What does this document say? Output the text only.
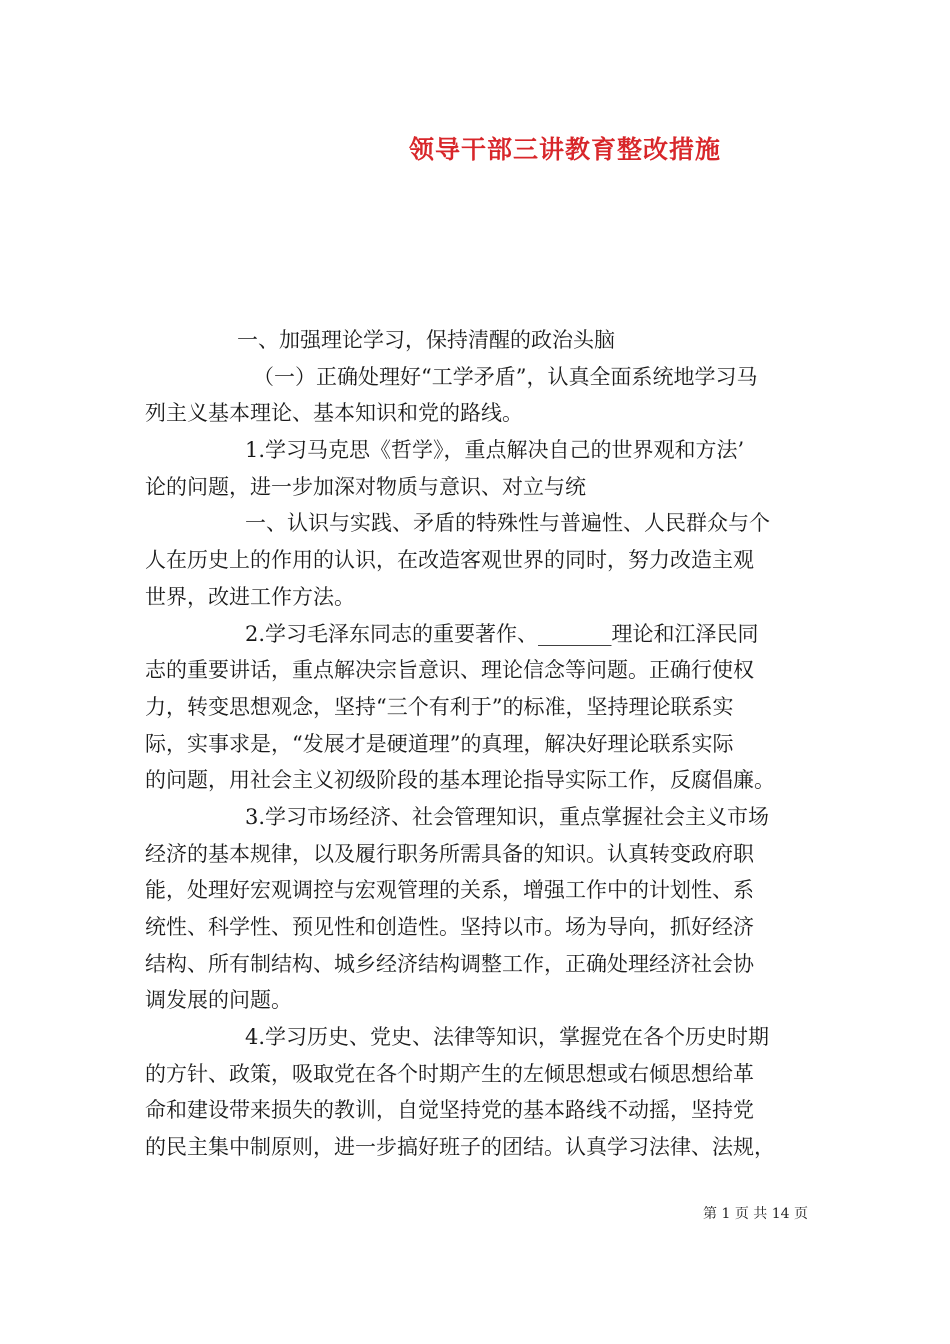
领导干部三讲教育整改措施

一、加强理论学习，保持清醒的政治头脑

（一）正确处理好“工学矛盾”，认真全面系统地学习马

列主义基本理论、基本知识和党的路线。

1.学习马克思《哲学》，重点解决自己的世界观和方法’

论的问题，进一步加深对物质与意识、对立与统

一、认识与实践、矛盾的特殊性与普遍性、人民群众与个

人在历史上的作用的认识，在改造客观世界的同时，努力改造主观

世界，改进工作方法。

2.学习毛泽东同志的重要著作、_______理论和江泽民同

志的重要讲话，重点解决宗旨意识、理论信念等问题。正确行使权

力，转变思想观念，坚持“三个有利于”的标准，坚持理论联系实

际，实事求是，“发展才是硬道理”的真理，解决好理论联系实际

的问题，用社会主义初级阶段的基本理论指导实际工作，反腐倡廉。

3.学习市场经济、社会管理知识，重点掌握社会主义市场

经济的基本规律，以及履行职务所需具备的知识。认真转变政府职

能，处理好宏观调控与宏观管理的关系，增强工作中的计划性、系

统性、科学性、预见性和创造性。坚持以市。场为导向，抓好经济

结构、所有制结构、城乡经济结构调整工作，正确处理经济社会协

调发展的问题。

4.学习历史、党史、法律等知识，掌握党在各个历史时期

的方针、政策，吸取党在各个时期产生的左倾思想或右倾思想给革

命和建设带来损失的教训，自觉坚持党的基本路线不动摇，坚持党

的民主集中制原则，进一步搞好班子的团结。认真学习法律、法规，

第 1 页 共 14 页
